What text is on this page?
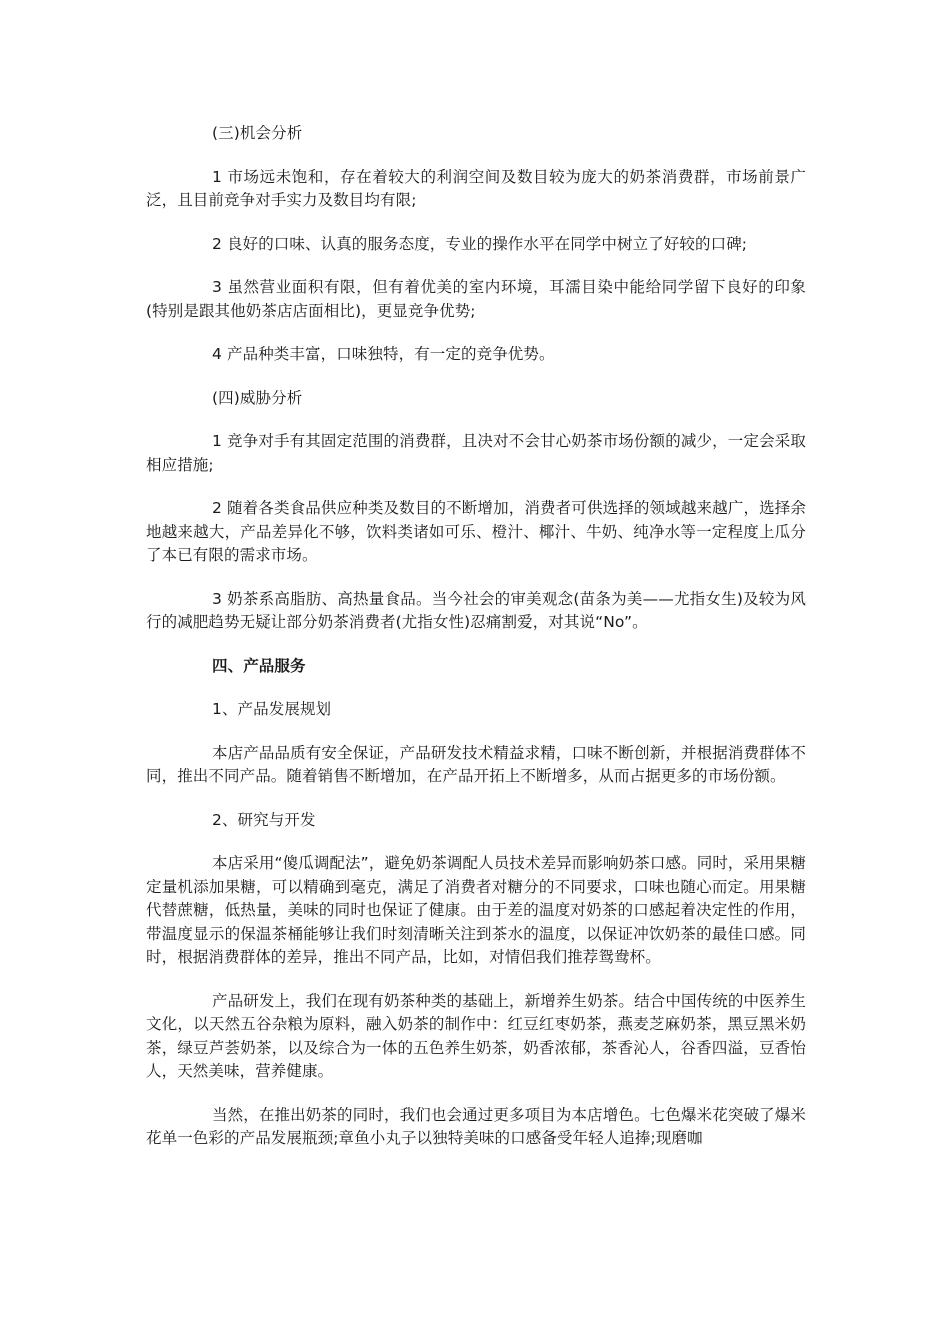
(三)机会分析

1 市场远未饱和，存在着较大的利润空间及数目较为庞大的奶茶消费群，市场前景广泛，且目前竞争对手实力及数目均有限;

2 良好的口味、认真的服务态度，专业的操作水平在同学中树立了好较的口碑;

3 虽然营业面积有限，但有着优美的室内环境，耳濡目染中能给同学留下良好的印象(特别是跟其他奶茶店店面相比)，更显竞争优势;

4 产品种类丰富，口味独特，有一定的竞争优势。

(四)威胁分析

1 竞争对手有其固定范围的消费群，且决对不会甘心奶茶市场份额的减少，一定会采取相应措施;

2 随着各类食品供应种类及数目的不断增加，消费者可供选择的领域越来越广，选择余地越来越大，产品差异化不够，饮料类诸如可乐、橙汁、椰汁、牛奶、纯净水等一定程度上瓜分了本已有限的需求市场。

3 奶茶系高脂肪、高热量食品。当今社会的审美观念(苗条为美——尤指女生)及较为风行的减肥趋势无疑让部分奶茶消费者(尤指女性)忍痛割爱，对其说“No”。

四、产品服务

1、产品发展规划

本店产品品质有安全保证，产品研发技术精益求精，口味不断创新，并根据消费群体不同，推出不同产品。随着销售不断增加，在产品开拓上不断增多，从而占据更多的市场份额。

2、研究与开发

本店采用“傻瓜调配法”，避免奶茶调配人员技术差异而影响奶茶口感。同时，采用果糖定量机添加果糖，可以精确到毫克，满足了消费者对糖分的不同要求，口味也随心而定。用果糖代替蔗糖，低热量，美味的同时也保证了健康。由于差的温度对奶茶的口感起着决定性的作用，带温度显示的保温茶桶能够让我们时刻清晰关注到茶水的温度，以保证冲饮奶茶的最佳口感。同时，根据消费群体的差异，推出不同产品，比如，对情侣我们推荐鸳鸯杯。

产品研发上，我们在现有奶茶种类的基础上，新增养生奶茶。结合中国传统的中医养生文化，以天然五谷杂粮为原料，融入奶茶的制作中：红豆红枣奶茶，燕麦芝麻奶茶，黑豆黑米奶茶，绿豆芦荟奶茶，以及综合为一体的五色养生奶茶，奶香浓郁，茶香沁人，谷香四溢，豆香怡人，天然美味，营养健康。

当然，在推出奶茶的同时，我们也会通过更多项目为本店增色。七色爆米花突破了爆米花单一色彩的产品发展瓶颈;章鱼小丸子以独特美味的口感备受年轻人追捧;现磨咖
